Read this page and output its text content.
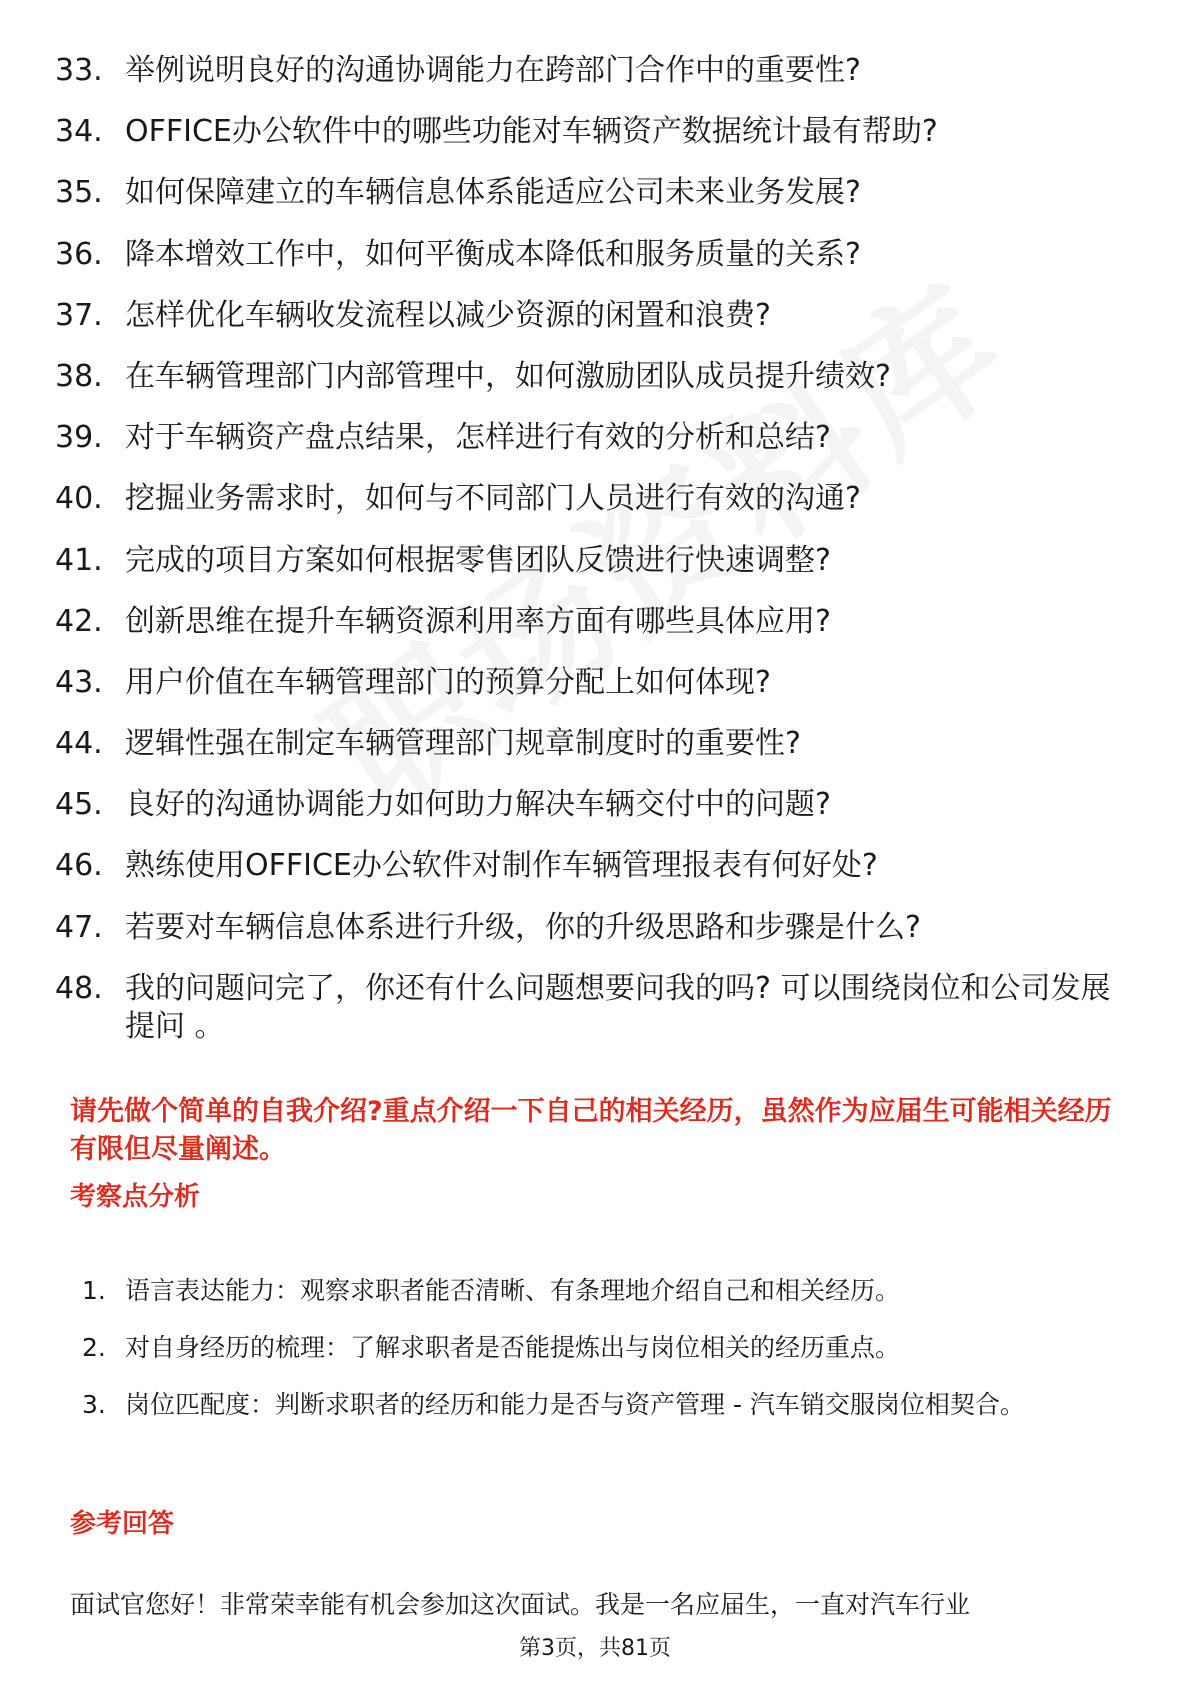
33. 举例说明良好的沟通协调能力在跨部门合作中的重要性?
34. OFFICE办公软件中的哪些功能对车辆资产数据统计最有帮助?
35. 如何保障建立的车辆信息体系能适应公司未来业务发展?
36. 降本增效工作中，如何平衡成本降低和服务质量的关系?
37. 怎样优化车辆收发流程以减少资源的闲置和浪费?
38. 在车辆管理部门内部管理中，如何激励团队成员提升绩效?
39. 对于车辆资产盘点结果，怎样进行有效的分析和总结?
40. 挖掘业务需求时，如何与不同部门人员进行有效的沟通?
41. 完成的项目方案如何根据零售团队反馈进行快速调整?
42. 创新思维在提升车辆资源利用率方面有哪些具体应用?
43. 用户价值在车辆管理部门的预算分配上如何体现?
44. 逻辑性强在制定车辆管理部门规章制度时的重要性?
45. 良好的沟通协调能力如何助力解决车辆交付中的问题?
46. 熟练使用OFFICE办公软件对制作车辆管理报表有何好处?
47. 若要对车辆信息体系进行升级，你的升级思路和步骤是什么?
48. 我的问题问完了，你还有什么问题想要问我的吗? 可以围绕岗位和公司发展提问 。
请先做个简单的自我介绍?重点介绍一下自己的相关经历，虽然作为应届生可能相关经历有限但尽量阐述。
考察点分析
1. 语言表达能力：观察求职者能否清晰、有条理地介绍自己和相关经历。
2. 对自身经历的梳理：了解求职者是否能提炼出与岗位相关的经历重点。
3. 岗位匹配度：判断求职者的经历和能力是否与资产管理 - 汽车销交服岗位相契合。
参考回答
面试官您好！非常荣幸能有机会参加这次面试。我是一名应届生，一直对汽车行业
第3页，共81页
